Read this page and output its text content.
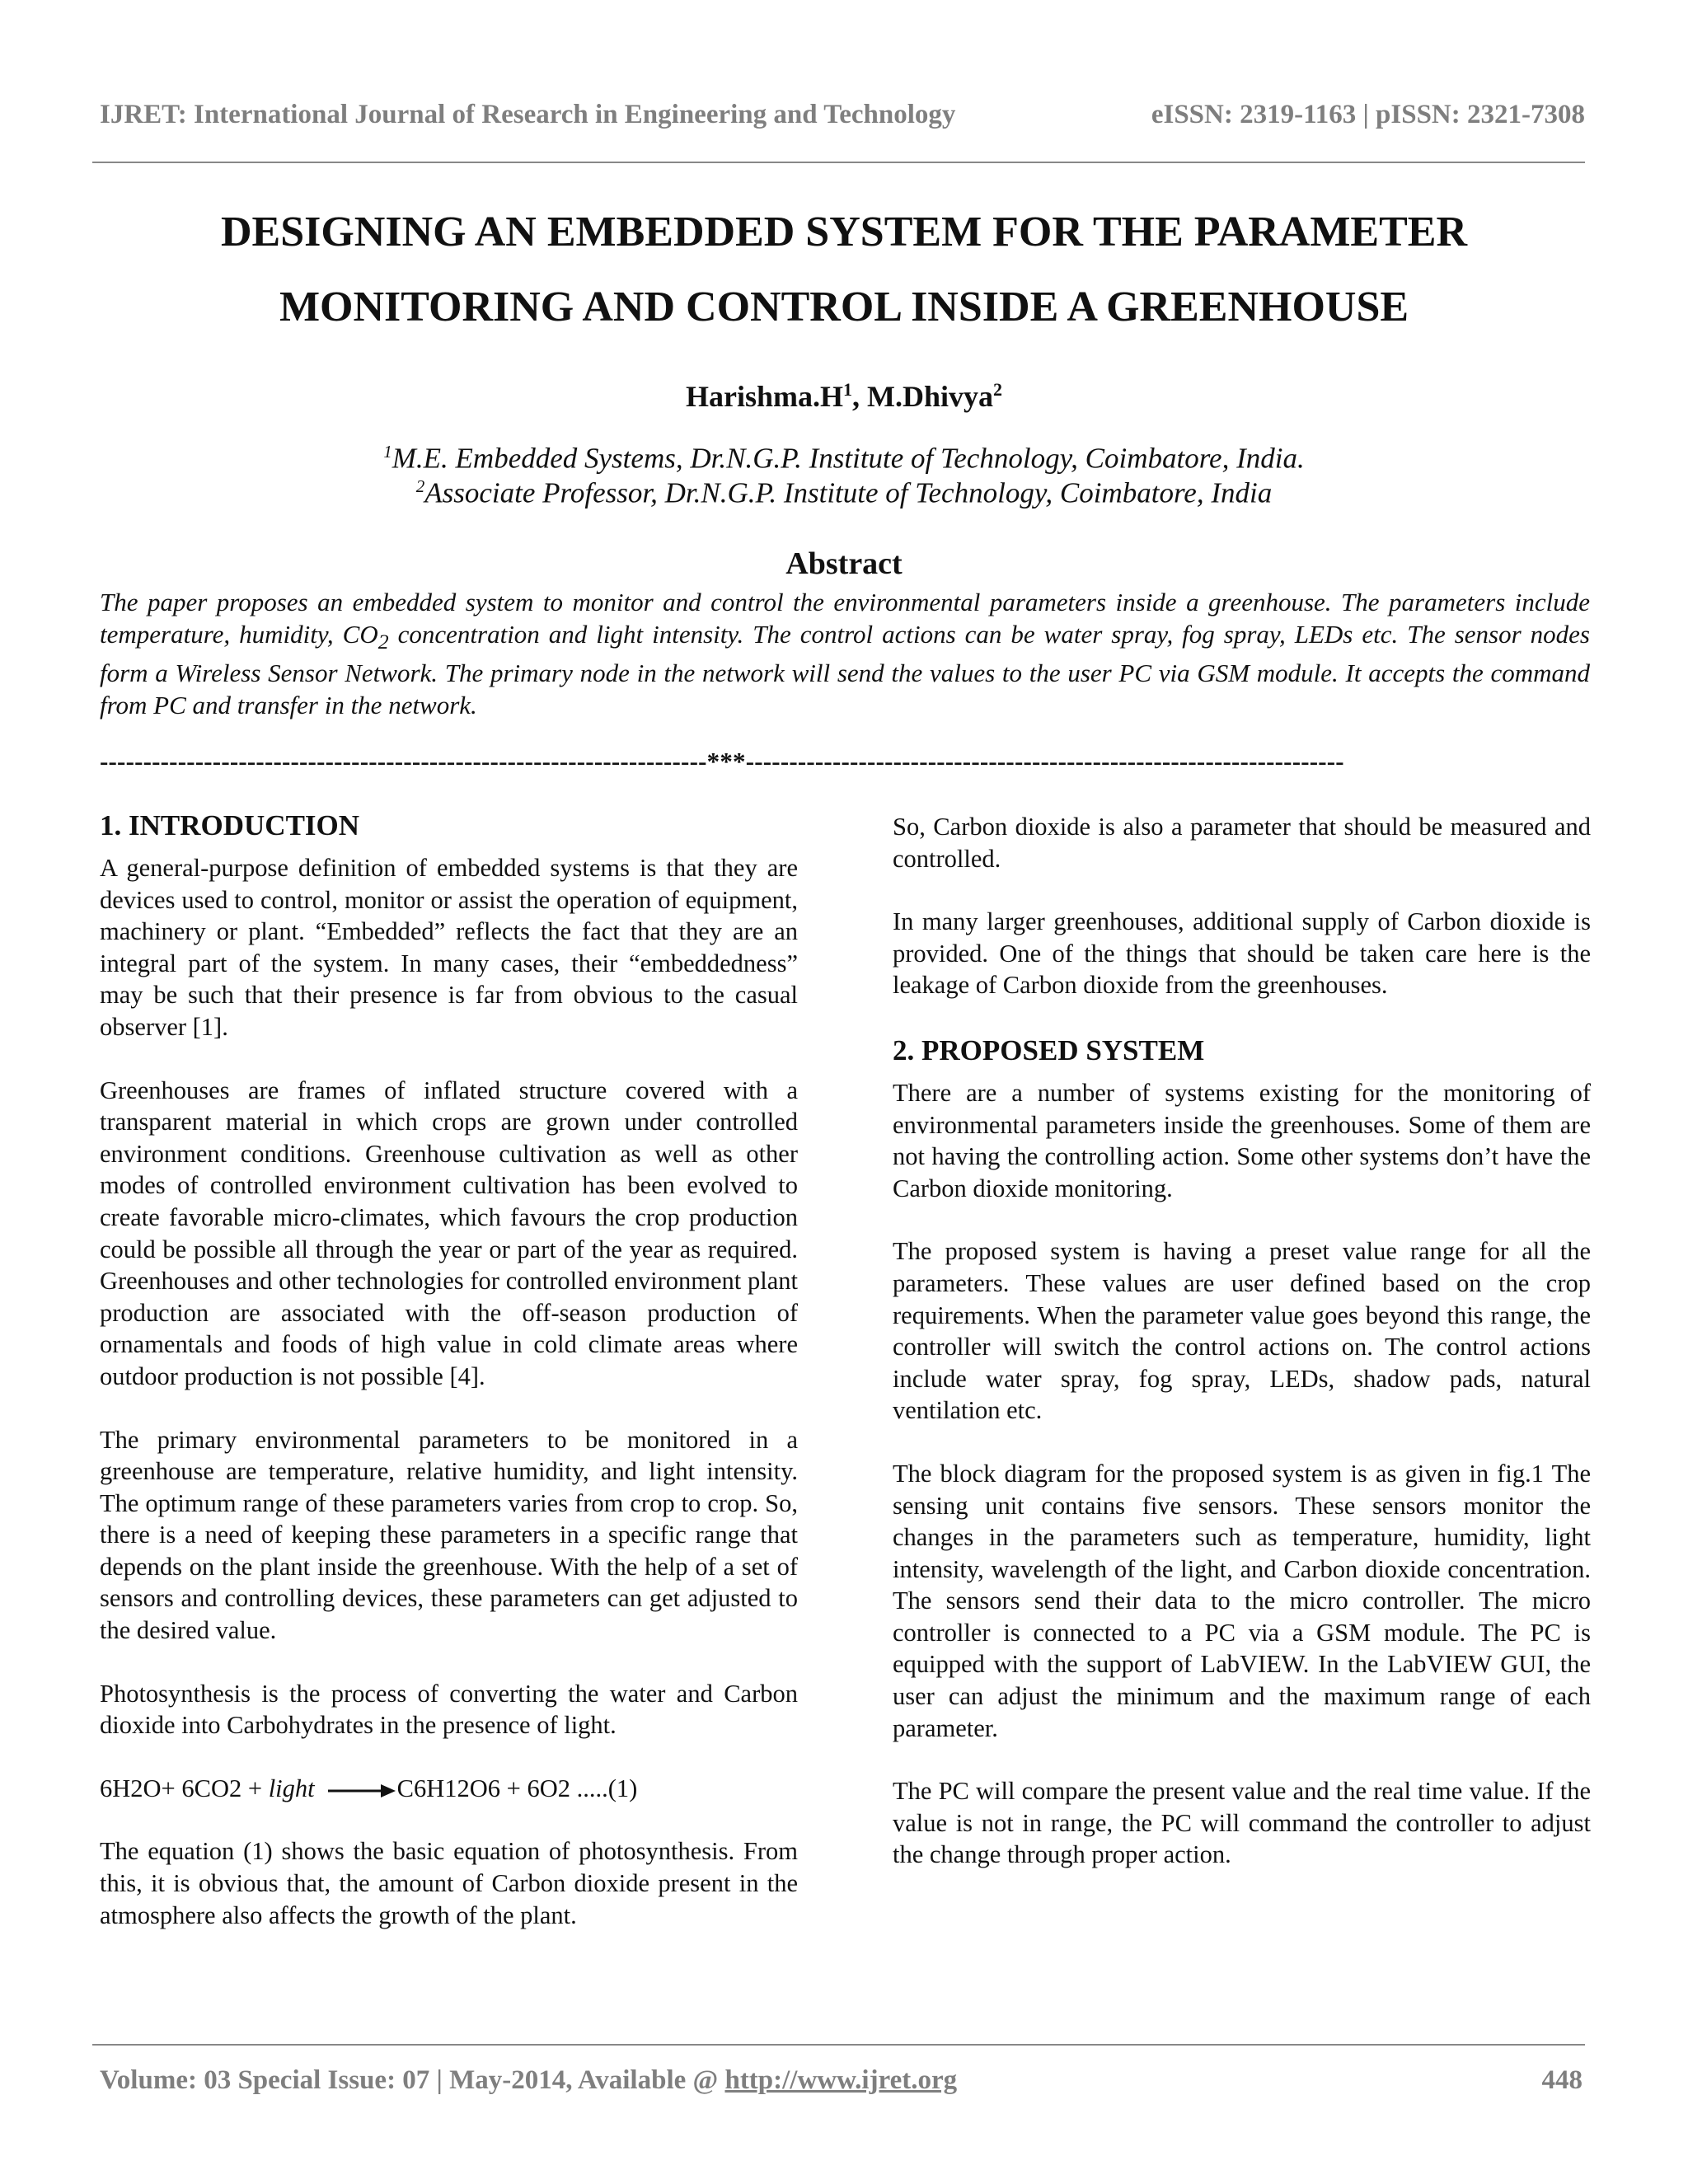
IJRET: International Journal of Research in Engineering and Technology	eISSN: 2319-1163 | pISSN: 2321-7308
DESIGNING AN EMBEDDED SYSTEM FOR THE PARAMETER
MONITORING AND CONTROL INSIDE A GREENHOUSE
$Harishma.H^1$, M.Dhivya$^2$
$^1$M.E. Embedded Systems, Dr.N.G.P. Institute of Technology, Coimbatore, India.
$^2$Associate Professor, Dr.N.G.P. Institute of Technology, Coimbatore, India
Abstract

The paper proposes an embedded system to monitor and control the environmental parameters inside a greenhouse. The parameters include temperature, humidity, $CO_2$ concentration and light intensity. The control actions can be water spray, fog spray, LEDs etc. The sensor nodes form a Wireless Sensor Network. The primary node in the network will send the values to the user PC via GSM module. It accepts the command from PC and transfer in the network.

----------------------------------------------------------------------***---------------------------------------------------------------------
1. INTRODUCTION

A general-purpose definition of embedded systems is that they are devices used to control, monitor or assist the operation of equipment, machinery or plant. “Embedded” reflects the fact that they are an integral part of the system. In many cases, their “embeddedness” may be such that their presence is far from obvious to the casual observer [1].

Greenhouses are frames of inflated structure covered with a transparent material in which crops are grown under controlled environment conditions. Greenhouse cultivation as well as other modes of controlled environment cultivation has been evolved to create favorable micro-climates, which favours the crop production could be possible all through the year or part of the year as required. Greenhouses and other technologies for controlled environment plant production are associated with the off-season production of ornamentals and foods of high value in cold climate areas where outdoor production is not possible [4].

The primary environmental parameters to be monitored in a greenhouse are temperature, relative humidity, and light intensity. The optimum range of these parameters varies from crop to crop. So, there is a need of keeping these parameters in a specific range that depends on the plant inside the greenhouse. With the help of a set of sensors and controlling devices, these parameters can get adjusted to the desired value.

Photosynthesis is the process of converting the water and Carbon dioxide into Carbohydrates in the presence of light.

6H2O+ 6CO2 + light	C6H12O6 + 6O2 .....(1)

The equation (1) shows the basic equation of photosynthesis. From this, it is obvious that, the amount of Carbon dioxide present in the atmosphere also affects the growth of the plant.

So, Carbon dioxide is also a parameter that should be measured and controlled.

In many larger greenhouses, additional supply of Carbon dioxide is provided. One of the things that should be taken care here is the leakage of Carbon dioxide from the greenhouses.

2. PROPOSED SYSTEM

There are a number of systems existing for the monitoring of environmental parameters inside the greenhouses. Some of them are not having the controlling action. Some other systems don’t have the Carbon dioxide monitoring.

The proposed system is having a preset value range for all the parameters. These values are user defined based on the crop requirements. When the parameter value goes beyond this range, the controller will switch the control actions on. The control actions include water spray, fog spray, LEDs, shadow pads, natural ventilation etc.

The block diagram for the proposed system is as given in fig.1 The sensing unit contains five sensors. These sensors monitor the changes in the parameters such as temperature, humidity, light intensity, wavelength of the light, and Carbon dioxide concentration. The sensors send their data to the micro controller. The micro controller is connected to a PC via a GSM module. The PC is equipped with the support of LabVIEW. In the LabVIEW GUI, the user can adjust the minimum and the maximum range of each parameter.

The PC will compare the present value and the real time value. If the value is not in range, the PC will command the controller to adjust the change through proper action.

Volume: 03 Special Issue: 07 | May-2014, Available @ http://www.ijret.org	448
